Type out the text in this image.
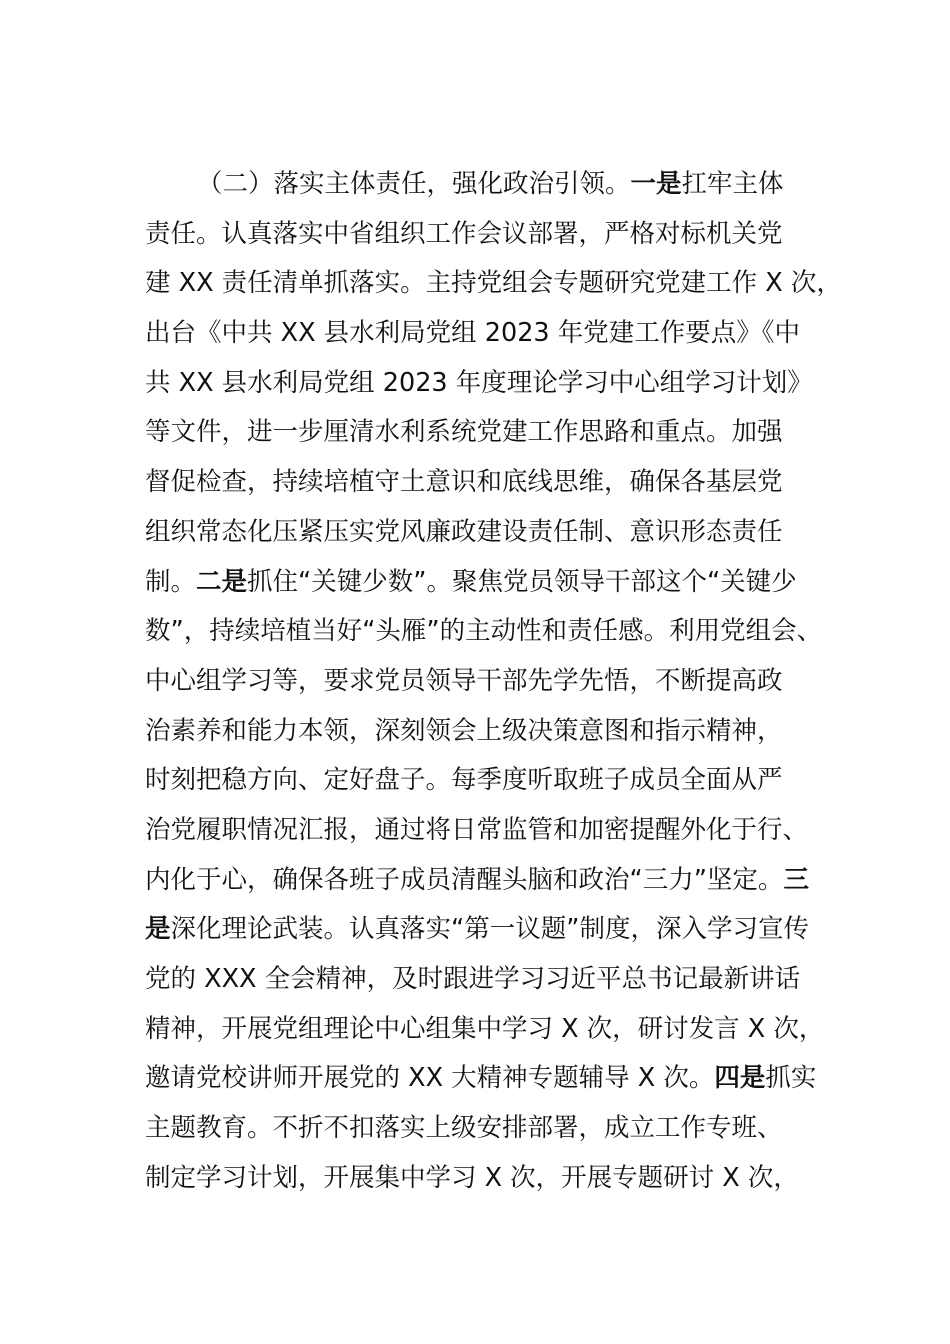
（二）落实主体责任，强化政治引领。一是扛牢主体
责任。认真落实中省组织工作会议部署，严格对标机关党
建 XX 责任清单抓落实。主持党组会专题研究党建工作 X 次，
出台《中共 XX 县水利局党组 2023 年党建工作要点》《中
共 XX 县水利局党组 2023 年度理论学习中心组学习计划》
等文件，进一步厘清水利系统党建工作思路和重点。加强
督促检查，持续培植守土意识和底线思维，确保各基层党
组织常态化压紧压实党风廉政建设责任制、意识形态责任
制。二是抓住“关键少数”。聚焦党员领导干部这个“关键少
数”，持续培植当好“头雁”的主动性和责任感。利用党组会、
中心组学习等，要求党员领导干部先学先悟，不断提高政
治素养和能力本领，深刻领会上级决策意图和指示精神，
时刻把稳方向、定好盘子。每季度听取班子成员全面从严
治党履职情况汇报，通过将日常监管和加密提醒外化于行、
内化于心，确保各班子成员清醒头脑和政治“三力”坚定。三
是深化理论武装。认真落实“第一议题”制度，深入学习宣传
党的 XXX 全会精神，及时跟进学习习近平总书记最新讲话
精神，开展党组理论中心组集中学习 X 次，研讨发言 X 次，
邀请党校讲师开展党的 XX 大精神专题辅导 X 次。四是抓实
主题教育。不折不扣落实上级安排部署，成立工作专班、
制定学习计划，开展集中学习 X 次，开展专题研讨 X 次，
